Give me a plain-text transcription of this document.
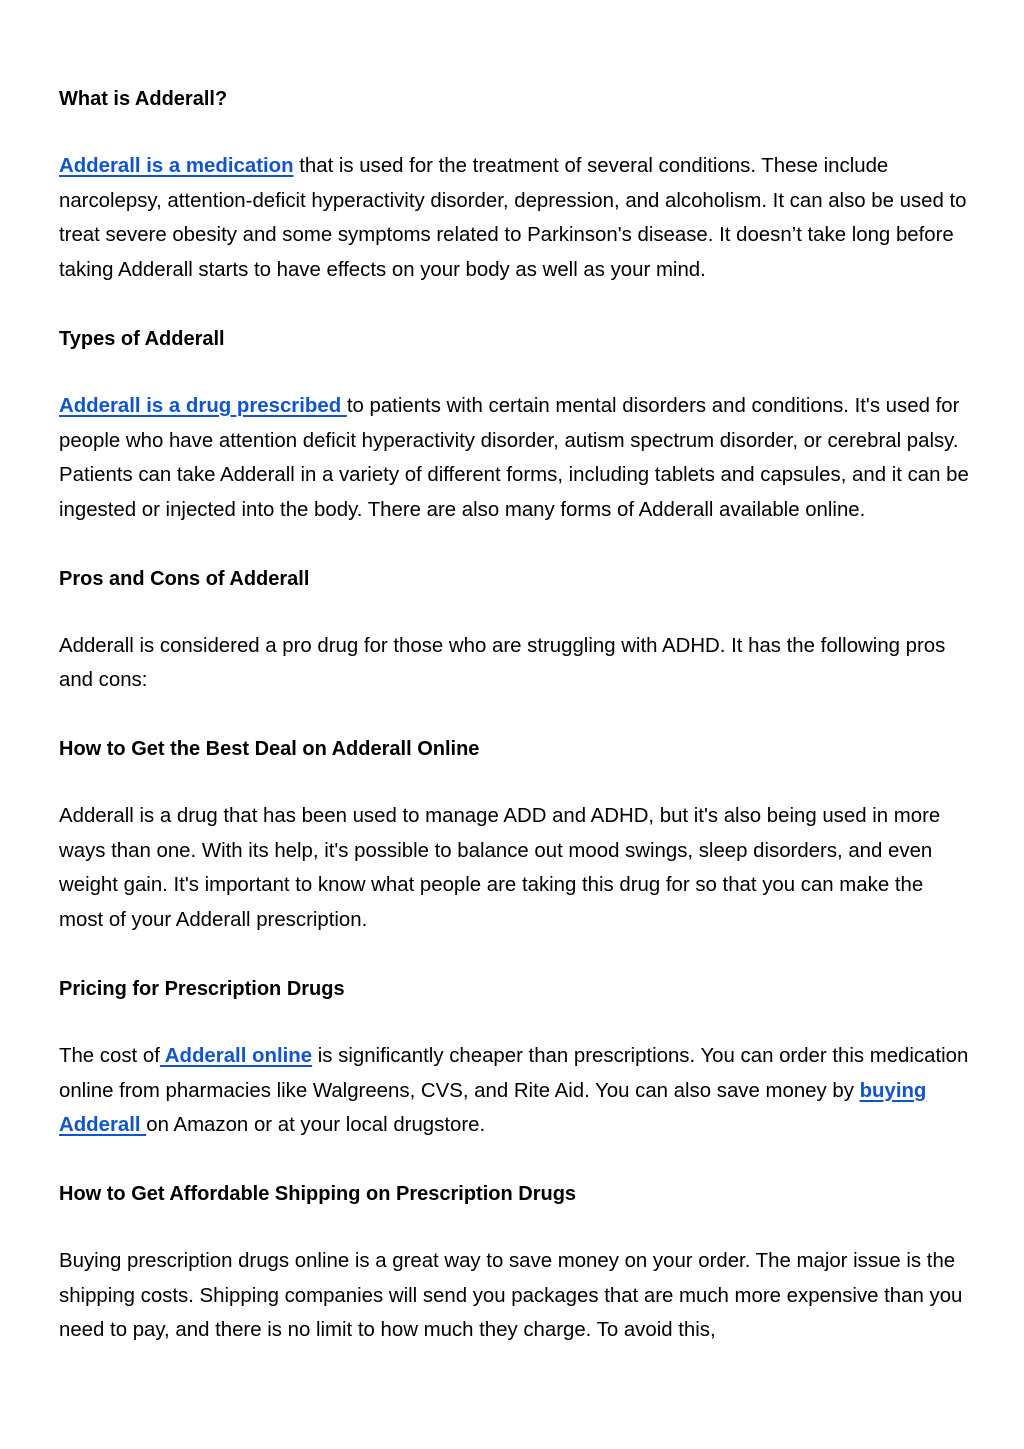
What is Adderall?

Adderall is a medication that is used for the treatment of several conditions. These include narcolepsy, attention-deficit hyperactivity disorder, depression, and alcoholism. It can also be used to treat severe obesity and some symptoms related to Parkinson's disease. It doesn’t take long before taking Adderall starts to have effects on your body as well as your mind.

Types of Adderall

Adderall is a drug prescribed to patients with certain mental disorders and conditions. It's used for people who have attention deficit hyperactivity disorder, autism spectrum disorder, or cerebral palsy. Patients can take Adderall in a variety of different forms, including tablets and capsules, and it can be ingested or injected into the body. There are also many forms of Adderall available online.

Pros and Cons of Adderall

Adderall is considered a pro drug for those who are struggling with ADHD. It has the following pros and cons:

How to Get the Best Deal on Adderall Online

Adderall is a drug that has been used to manage ADD and ADHD, but it's also being used in more ways than one. With its help, it's possible to balance out mood swings, sleep disorders, and even weight gain. It's important to know what people are taking this drug for so that you can make the most of your Adderall prescription.

Pricing for Prescription Drugs

The cost of Adderall online is significantly cheaper than prescriptions. You can order this medication online from pharmacies like Walgreens, CVS, and Rite Aid. You can also save money by buying Adderall on Amazon or at your local drugstore.

How to Get Affordable Shipping on Prescription Drugs

Buying prescription drugs online is a great way to save money on your order. The major issue is the shipping costs. Shipping companies will send you packages that are much more expensive than you need to pay, and there is no limit to how much they charge. To avoid this,
